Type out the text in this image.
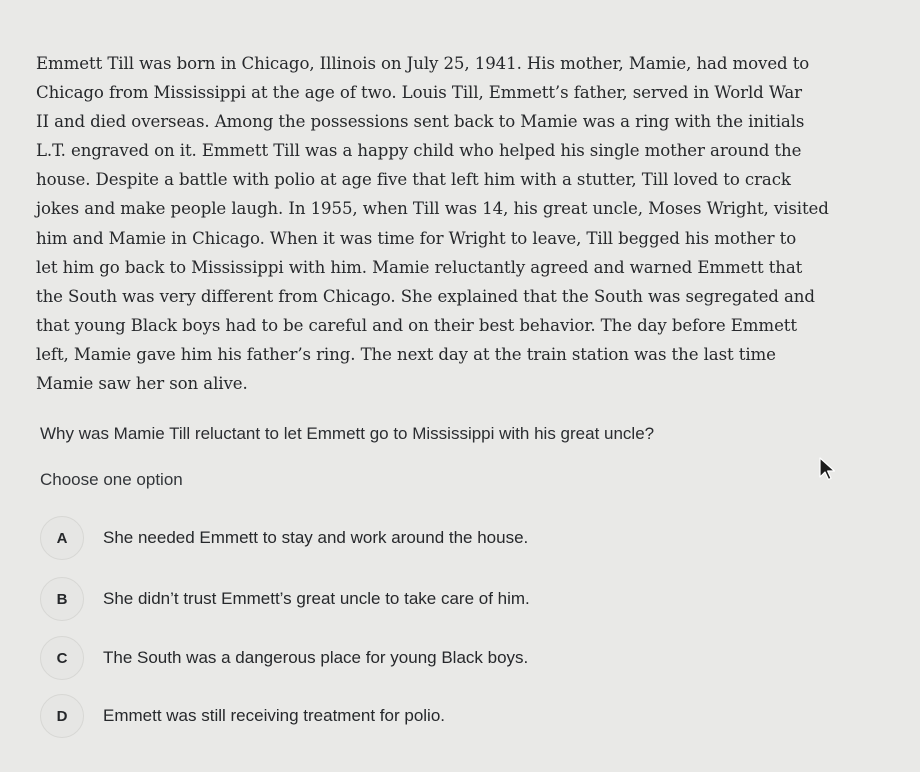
Emmett Till was born in Chicago, Illinois on July 25, 1941. His mother, Mamie, had moved to
Chicago from Mississippi at the age of two. Louis Till, Emmett’s father, served in World War
II and died overseas. Among the possessions sent back to Mamie was a ring with the initials
L.T. engraved on it. Emmett Till was a happy child who helped his single mother around the
house. Despite a battle with polio at age five that left him with a stutter, Till loved to crack
jokes and make people laugh. In 1955, when Till was 14, his great uncle, Moses Wright, visited
him and Mamie in Chicago. When it was time for Wright to leave, Till begged his mother to
let him go back to Mississippi with him. Mamie reluctantly agreed and warned Emmett that
the South was very different from Chicago. She explained that the South was segregated and
that young Black boys had to be careful and on their best behavior. The day before Emmett
left, Mamie gave him his father’s ring. The next day at the train station was the last time
Mamie saw her son alive.
Why was Mamie Till reluctant to let Emmett go to Mississippi with his great uncle?
Choose one option
A	She needed Emmett to stay and work around the house.
B	She didn’t trust Emmett’s great uncle to take care of him.
C	The South was a dangerous place for young Black boys.
D	Emmett was still receiving treatment for polio.
